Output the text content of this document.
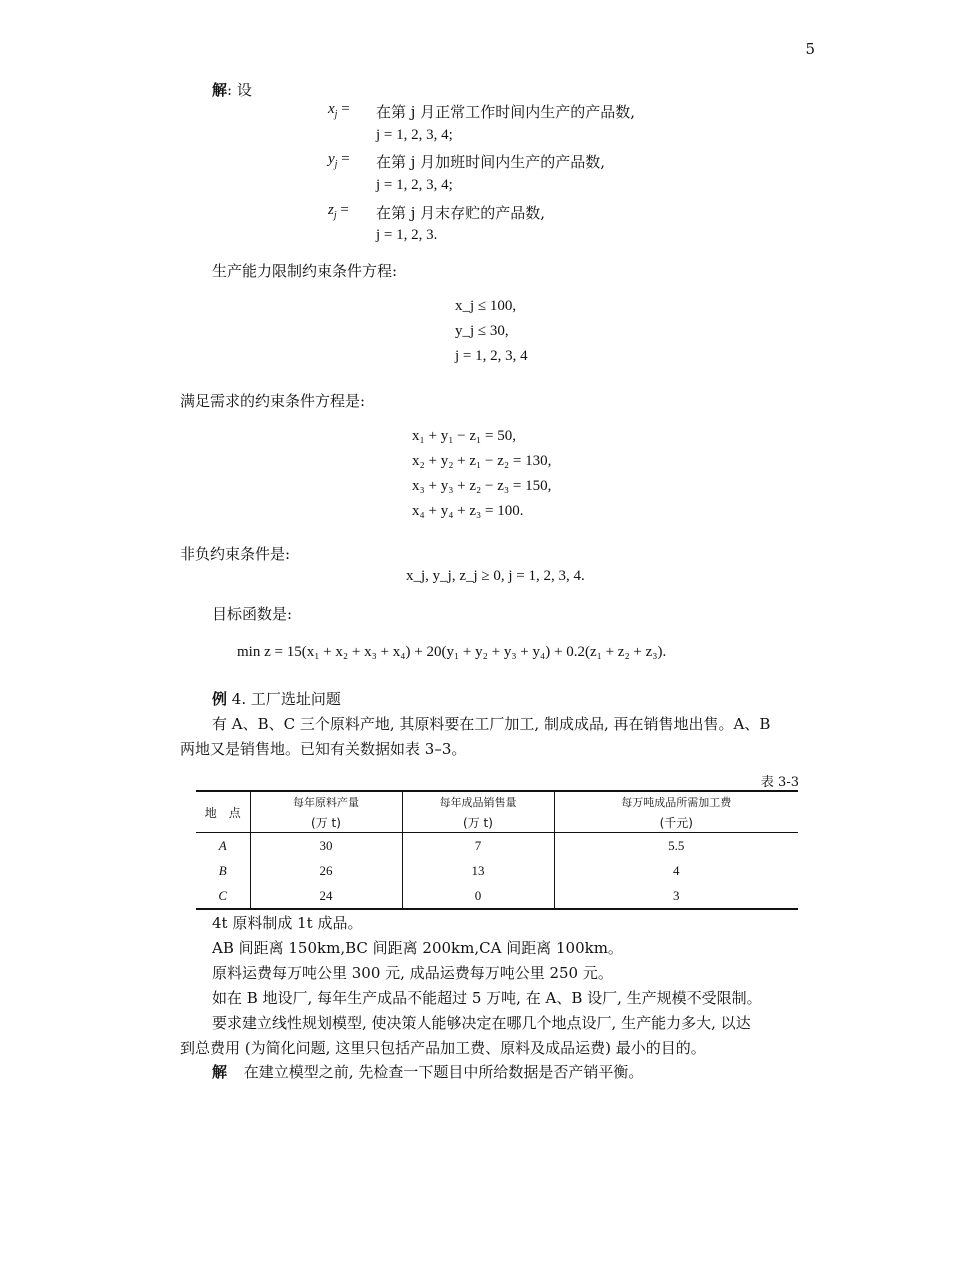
5
解: 设
$x_j$ = 在第 j 月正常工作时间内生产的产品数,
j = 1, 2, 3, 4;
$y_j$ = 在第 j 月加班时间内生产的产品数,
j = 1, 2, 3, 4;
$z_j$ = 在第 j 月末存贮的产品数,
j = 1, 2, 3.
生产能力限制约束条件方程:
x_j ≤ 100,
y_j ≤ 30,
j = 1, 2, 3, 4
满足需求的约束条件方程是:
x₁ + y₁ − z₁ = 50,
x₂ + y₂ + z₁ − z₂ = 130,
x₃ + y₃ + z₂ − z₃ = 150,
x₄ + y₄ + z₃ = 100.
非负约束条件是:
x_j, y_j, z_j ≥ 0, j = 1, 2, 3, 4.
目标函数是:
min z = 15(x₁ + x₂ + x₃ + x₄) + 20(y₁ + y₂ + y₃ + y₄) + 0.2(z₁ + z₂ + z₃).
例 4. 工厂选址问题
有 A、B、C 三个原料产地, 其原料要在工厂加工, 制成成品, 再在销售地出售。A、B
两地又是销售地。已知有关数据如表 3–3。
表 3-3
地　点	每年原料产量	每年成品销售量	每万吨成品所需加工费
	(万 t)	(万 t)	(千元)
A	30	7	5.5
B	26	13	4
C	24	0	3
4t 原料制成 1t 成品。
AB 间距离 150km,BC 间距离 200km,CA 间距离 100km。
原料运费每万吨公里 300 元, 成品运费每万吨公里 250 元。
如在 B 地设厂, 每年生产成品不能超过 5 万吨, 在 A、B 设厂, 生产规模不受限制。
要求建立线性规划模型, 使决策人能够决定在哪几个地点设厂, 生产能力多大, 以达
到总费用 (为简化问题, 这里只包括产品加工费、原料及成品运费) 最小的目的。
解 在建立模型之前, 先检查一下题目中所给数据是否产销平衡。
